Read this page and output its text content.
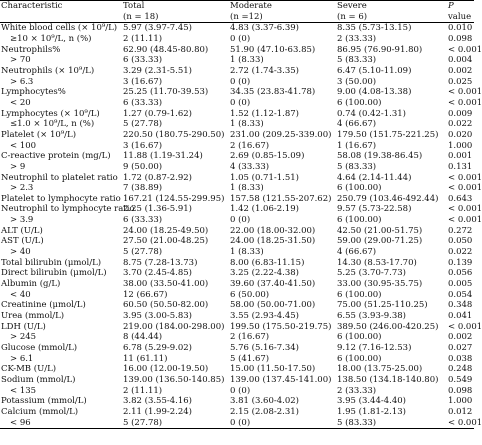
Characteristic	Total	Moderate	Severe	P
	(n = 18)	(n =12)	(n = 6)	value
White blood cells (× 10⁹/L)	5.97 (3.97-7.45)	4.83 (3.37-6.39)	8.35 (5.73-13.15)	0.010
≥10 × 10⁹/L, n (%)	2 (11.11)	0 (0)	2 (33.33)	0.098
Neutrophils%	62.90 (48.45-80.80)	51.90 (47.10-63.85)	86.95 (76.90-91.80)	< 0.001
> 70	6 (33.33)	1 (8.33)	5 (83.33)	0.004
Neutrophils (× 10⁹/L)	3.29 (2.31-5.51)	2.72 (1.74-3.35)	6.47 (5.10-11.09)	0.002
> 6.3	3 (16.67)	0 (0)	3 (50.00)	0.025
Lymphocytes%	25.25 (11.70-39.53)	34.35 (23.83-41.78)	9.00 (4.08-13.38)	< 0.001
< 20	6 (33.33)	0 (0)	6 (100.00)	< 0.001
Lymphocytes (× 10⁹/L)	1.27 (0.79-1.62)	1.52 (1.12-1.87)	0.74 (0.42-1.31)	0.009
≤1.0 × 10⁹/L, n (%)	5 (27.78)	1 (8.33)	4 (66.67)	0.022
Platelet (× 10⁹/L)	220.50 (180.75-290.50)	231.00 (209.25-339.00)	179.50 (151.75-221.25)	0.020
< 100	3 (16.67)	2 (16.67)	1 (16.67)	1.000
C-reactive protein (mg/L)	11.88 (1.19-31.24)	2.69 (0.85-15.09)	58.08 (19.38-86.45)	0.001
> 9	9 (50.00)	4 (33.33)	5 (83.33)	0.131
Neutrophil to platelet ratio	1.72 (0.87-2.92)	1.05 (0.71-1.51)	4.64 (2.14-11.44)	< 0.001
> 2.3	7 (38.89)	1 (8.33)	6 (100.00)	< 0.001
Platelet to lymphocyte ratio	167.21 (124.55-299.95)	157.58 (121.55-207.62)	250.79 (103.46-492.44)	0.643
Neutrophil to lymphocyte ratio	2.25 (1.36-5.91)	1.42 (1.06-2.19)	9.57 (5.73-22.58)	< 0.001
> 3.9	6 (33.33)	0 (0)	6 (100.00)	< 0.001
ALT (U/L)	24.00 (18.25-49.50)	22.00 (18.00-32.00)	42.50 (21.00-51.75)	0.272
AST (U/L)	27.50 (21.00-48.25)	24.00 (18.25-31.50)	59.00 (29.00-71.25)	0.050
> 40	5 (27.78)	1 (8.33)	4 (66.67)	0.022
Total bilirubin (μmol/L)	8.75 (7.28-13.73)	8.00 (6.83-11.15)	14.30 (8.53-17.70)	0.139
Direct bilirubin (μmol/L)	3.70 (2.45-4.85)	3.25 (2.22-4.38)	5.25 (3.70-7.73)	0.056
Albumin (g/L)	38.00 (33.50-41.00)	39.60 (37.40-41.50)	33.00 (30.95-35.75)	0.005
< 40	12 (66.67)	6 (50.00)	6 (100.00)	0.054
Creatinine (μmol/L)	60.50 (50.50-82.00)	58.00 (50.00-71.00)	75.00 (51.25-110.25)	0.348
Urea (mmol/L)	3.95 (3.00-5.83)	3.55 (2.93-4.45)	6.55 (3.93-9.38)	0.041
LDH (U/L)	219.00 (184.00-298.00)	199.50 (175.50-219.75)	389.50 (246.00-420.25)	< 0.001
> 245	8 (44.44)	2 (16.67)	6 (100.00)	0.002
Glucose (mmol/L)	6.78 (5.29-9.02)	5.76 (5.16-7.34)	9.12 (7.16-12.53)	0.027
> 6.1	11 (61.11)	5 (41.67)	6 (100.00)	0.038
CK-MB (U/L)	16.00 (12.00-19.50)	15.00 (11.50-17.50)	18.00 (13.75-25.00)	0.248
Sodium (mmol/L)	139.00 (136.50-140.85)	139.00 (137.45-141.00)	138.50 (134.18-140.80)	0.549
< 135	2 (11.11)	0 (0)	2 (33.33)	0.098
Potassium (mmol/L)	3.82 (3.55-4.16)	3.81 (3.60-4.02)	3.95 (3.44-4.40)	1.000
Calcium (mmol/L)	2.11 (1.99-2.24)	2.15 (2.08-2.31)	1.95 (1.81-2.13)	0.012
< 96	5 (27.78)	0 (0)	5 (83.33)	< 0.001
